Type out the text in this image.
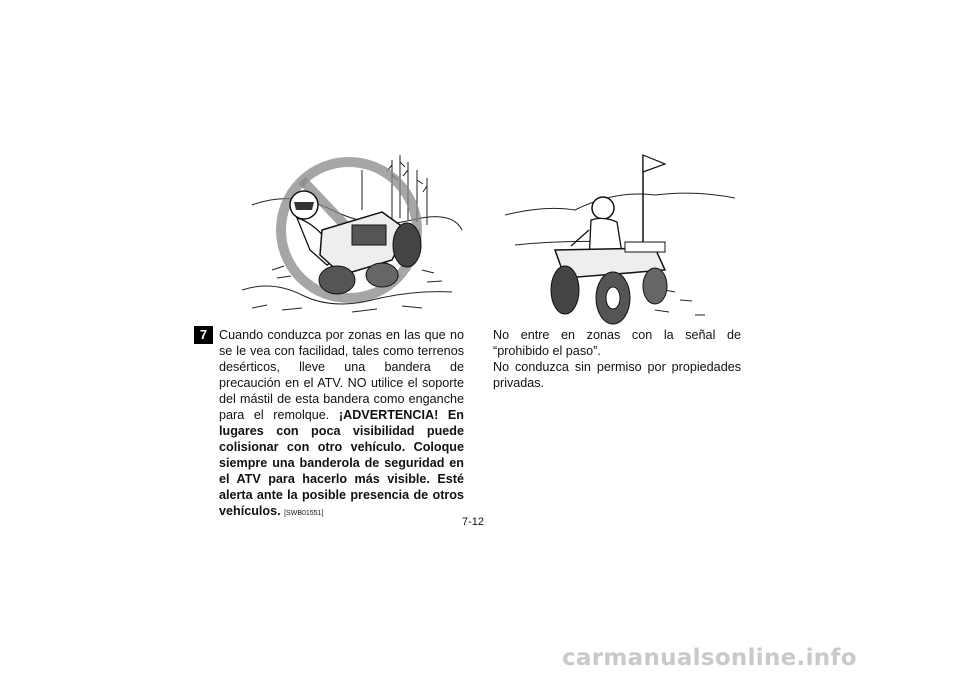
7 Cuando conduzca por zonas en las que no se le vea con facilidad, tales como terrenos desérticos, lleve una bandera de precaución en el ATV. NO utilice el soporte del mástil de esta bandera como enganche para el remolque. ¡ADVERTENCIA! En lugares con poca visibilidad puede colisionar con otro vehículo. Coloque siempre una banderola de seguridad en el ATV para hacerlo más visible. Esté alerta ante la posible presencia de otros vehículos. [SWB01551]

No entre en zonas con la señal de “prohibido el paso”.

No conduzca sin permiso por propiedades privadas.

7-12
carmanualsonline.info
